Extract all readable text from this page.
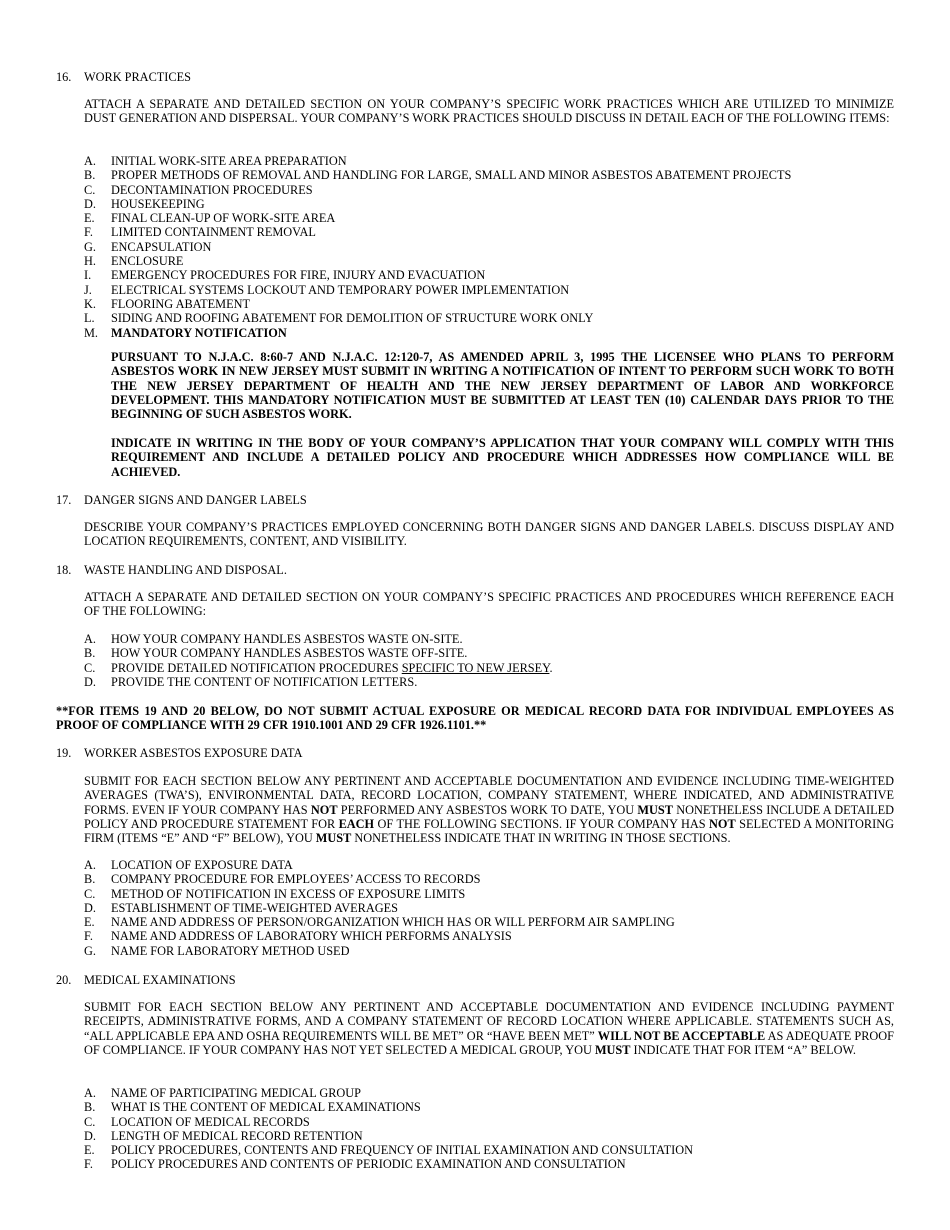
16. WORK PRACTICES
ATTACH A SEPARATE AND DETAILED SECTION ON YOUR COMPANY’S SPECIFIC WORK PRACTICES WHICH ARE UTILIZED TO MINIMIZE DUST GENERATION AND DISPERSAL. YOUR COMPANY’S WORK PRACTICES SHOULD DISCUSS IN DETAIL EACH OF THE FOLLOWING ITEMS:
A. INITIAL WORK-SITE AREA PREPARATION
B. PROPER METHODS OF REMOVAL AND HANDLING FOR LARGE, SMALL AND MINOR ASBESTOS ABATEMENT PROJECTS
C. DECONTAMINATION PROCEDURES
D. HOUSEKEEPING
E. FINAL CLEAN-UP OF WORK-SITE AREA
F. LIMITED CONTAINMENT REMOVAL
G. ENCAPSULATION
H. ENCLOSURE
I. EMERGENCY PROCEDURES FOR FIRE, INJURY AND EVACUATION
J. ELECTRICAL SYSTEMS LOCKOUT AND TEMPORARY POWER IMPLEMENTATION
K. FLOORING ABATEMENT
L. SIDING AND ROOFING ABATEMENT FOR DEMOLITION OF STRUCTURE WORK ONLY
M. MANDATORY NOTIFICATION
PURSUANT TO N.J.A.C. 8:60-7 AND N.J.A.C. 12:120-7, AS AMENDED APRIL 3, 1995 THE LICENSEE WHO PLANS TO PERFORM ASBESTOS WORK IN NEW JERSEY MUST SUBMIT IN WRITING A NOTIFICATION OF INTENT TO PERFORM SUCH WORK TO BOTH THE NEW JERSEY DEPARTMENT OF HEALTH AND THE NEW JERSEY DEPARTMENT OF LABOR AND WORKFORCE DEVELOPMENT. THIS MANDATORY NOTIFICATION MUST BE SUBMITTED AT LEAST TEN (10) CALENDAR DAYS PRIOR TO THE BEGINNING OF SUCH ASBESTOS WORK.
INDICATE IN WRITING IN THE BODY OF YOUR COMPANY’S APPLICATION THAT YOUR COMPANY WILL COMPLY WITH THIS REQUIREMENT AND INCLUDE A DETAILED POLICY AND PROCEDURE WHICH ADDRESSES HOW COMPLIANCE WILL BE ACHIEVED.
17. DANGER SIGNS AND DANGER LABELS
DESCRIBE YOUR COMPANY’S PRACTICES EMPLOYED CONCERNING BOTH DANGER SIGNS AND DANGER LABELS. DISCUSS DISPLAY AND LOCATION REQUIREMENTS, CONTENT, AND VISIBILITY.
18. WASTE HANDLING AND DISPOSAL.
ATTACH A SEPARATE AND DETAILED SECTION ON YOUR COMPANY’S SPECIFIC PRACTICES AND PROCEDURES WHICH REFERENCE EACH OF THE FOLLOWING:
A. HOW YOUR COMPANY HANDLES ASBESTOS WASTE ON-SITE.
B. HOW YOUR COMPANY HANDLES ASBESTOS WASTE OFF-SITE.
C. PROVIDE DETAILED NOTIFICATION PROCEDURES SPECIFIC TO NEW JERSEY.
D. PROVIDE THE CONTENT OF NOTIFICATION LETTERS.
**FOR ITEMS 19 AND 20 BELOW, DO NOT SUBMIT ACTUAL EXPOSURE OR MEDICAL RECORD DATA FOR INDIVIDUAL EMPLOYEES AS PROOF OF COMPLIANCE WITH 29 CFR 1910.1001 AND 29 CFR 1926.1101.**
19. WORKER ASBESTOS EXPOSURE DATA
SUBMIT FOR EACH SECTION BELOW ANY PERTINENT AND ACCEPTABLE DOCUMENTATION AND EVIDENCE INCLUDING TIME-WEIGHTED AVERAGES (TWA’S), ENVIRONMENTAL DATA, RECORD LOCATION, COMPANY STATEMENT, WHERE INDICATED, AND ADMINISTRATIVE FORMS. EVEN IF YOUR COMPANY HAS NOT PERFORMED ANY ASBESTOS WORK TO DATE, YOU MUST NONETHELESS INCLUDE A DETAILED POLICY AND PROCEDURE STATEMENT FOR EACH OF THE FOLLOWING SECTIONS. IF YOUR COMPANY HAS NOT SELECTED A MONITORING FIRM (ITEMS “E” AND “F” BELOW), YOU MUST NONETHELESS INDICATE THAT IN WRITING IN THOSE SECTIONS.
A. LOCATION OF EXPOSURE DATA
B. COMPANY PROCEDURE FOR EMPLOYEES’ ACCESS TO RECORDS
C. METHOD OF NOTIFICATION IN EXCESS OF EXPOSURE LIMITS
D. ESTABLISHMENT OF TIME-WEIGHTED AVERAGES
E. NAME AND ADDRESS OF PERSON/ORGANIZATION WHICH HAS OR WILL PERFORM AIR SAMPLING
F. NAME AND ADDRESS OF LABORATORY WHICH PERFORMS ANALYSIS
G. NAME FOR LABORATORY METHOD USED
20. MEDICAL EXAMINATIONS
SUBMIT FOR EACH SECTION BELOW ANY PERTINENT AND ACCEPTABLE DOCUMENTATION AND EVIDENCE INCLUDING PAYMENT RECEIPTS, ADMINISTRATIVE FORMS, AND A COMPANY STATEMENT OF RECORD LOCATION WHERE APPLICABLE. STATEMENTS SUCH AS, “ALL APPLICABLE EPA AND OSHA REQUIREMENTS WILL BE MET” OR “HAVE BEEN MET” WILL NOT BE ACCEPTABLE AS ADEQUATE PROOF OF COMPLIANCE. IF YOUR COMPANY HAS NOT YET SELECTED A MEDICAL GROUP, YOU MUST INDICATE THAT FOR ITEM “A” BELOW.
A. NAME OF PARTICIPATING MEDICAL GROUP
B. WHAT IS THE CONTENT OF MEDICAL EXAMINATIONS
C. LOCATION OF MEDICAL RECORDS
D. LENGTH OF MEDICAL RECORD RETENTION
E. POLICY PROCEDURES, CONTENTS AND FREQUENCY OF INITIAL EXAMINATION AND CONSULTATION
F. POLICY PROCEDURES AND CONTENTS OF PERIODIC EXAMINATION AND CONSULTATION
